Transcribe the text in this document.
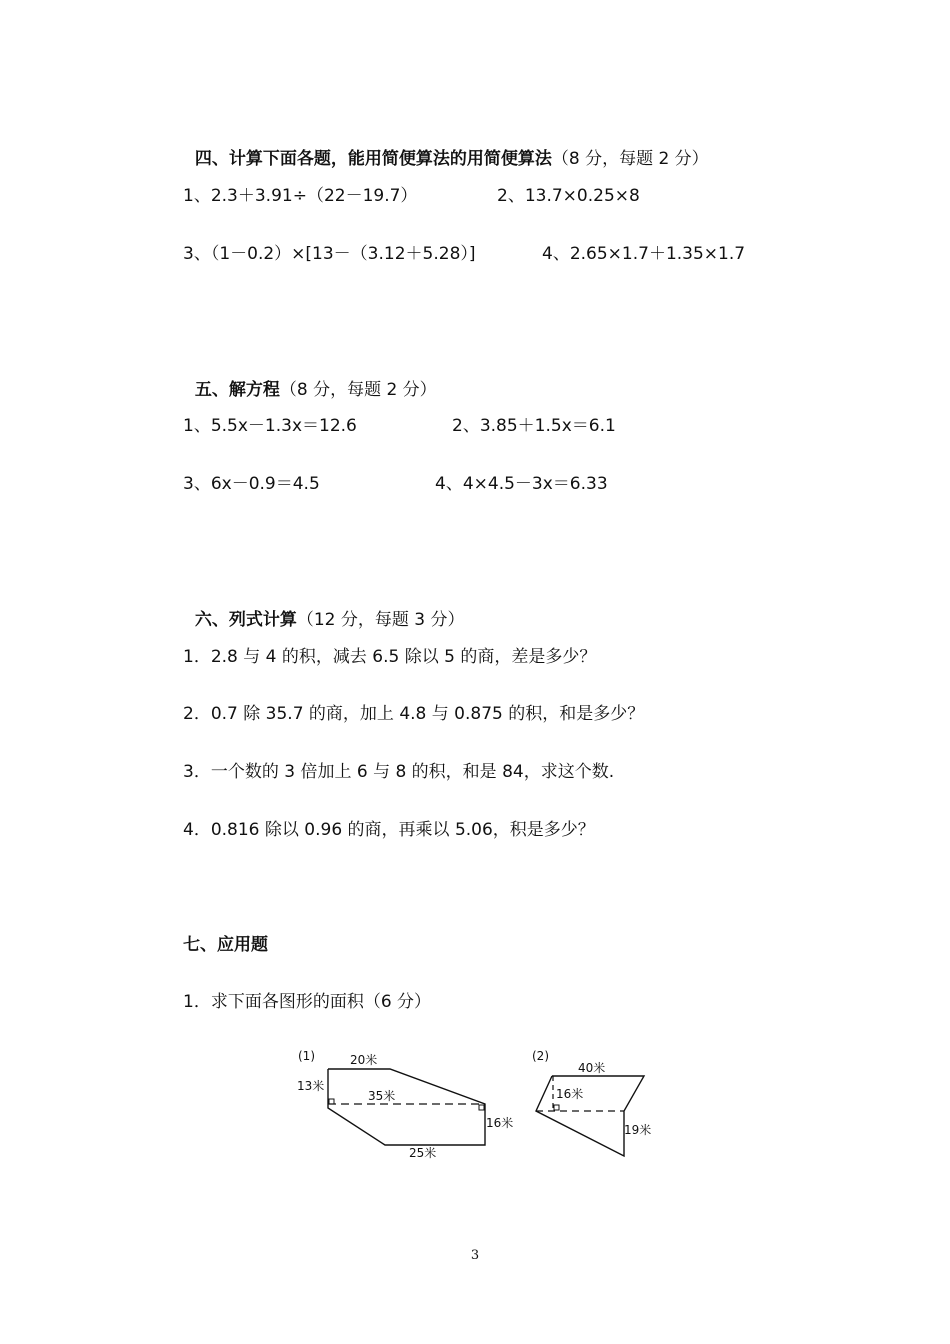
四、计算下面各题，能用简便算法的用简便算法（8 分，每题 2 分）

1、2.3＋3.91÷（22－19.7）	2、13.7×0.25×8
3、（1－0.2）×[13－（3.12＋5.28）]	4、2.65×1.7＋1.35×1.7

五、解方程（8 分，每题 2 分）

1、5.5x－1.3x＝12.6	2、3.85＋1.5x＝6.1
3、6x－0.9＝4.5	4、4×4.5－3x＝6.33

六、列式计算（12 分，每题 3 分）

1．2.8 与 4 的积，减去 6.5 除以 5 的商，差是多少？
2．0.7 除 35.7 的商，加上 4.8 与 0.875 的积，和是多少？
3．一个数的 3 倍加上 6 与 8 的积，和是 84，求这个数.
4．0.816 除以 0.96 的商，再乘以 5.06，积是多少？
七、应用题
1．求下面各图形的面积（6 分）
(1)	20米
13米
35米
16米
25米
(2)
40米
16米
19米
3
